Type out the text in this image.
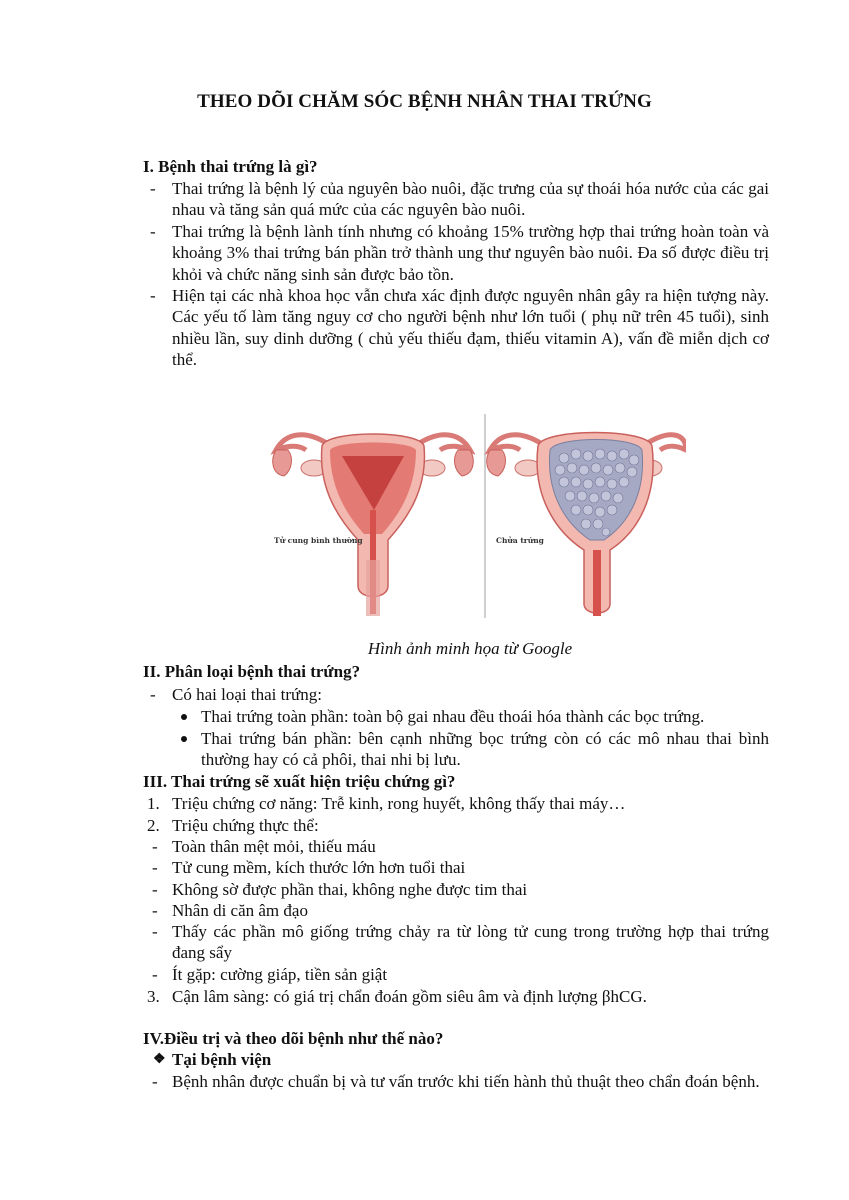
THEO DÕI CHĂM SÓC BỆNH NHÂN THAI TRỨNG
I. Bệnh thai trứng là gì?
- Thai trứng là bệnh lý của nguyên bào nuôi, đặc trưng của sự thoái hóa nước của các gai nhau và tăng sản quá mức của các nguyên bào nuôi.
- Thai trứng là bệnh lành tính nhưng có khoảng 15% trường hợp thai trứng hoàn toàn và khoảng 3% thai trứng bán phần trở thành ung thư nguyên bào nuôi. Đa số được điều trị khỏi và chức năng sinh sản được bảo tồn.
- Hiện tại các nhà khoa học vẫn chưa xác định được nguyên nhân gây ra hiện tượng này. Các yếu tố làm tăng nguy cơ cho người bệnh như lớn tuổi ( phụ nữ trên 45 tuổi), sinh nhiều lần, suy dinh dưỡng ( chủ yếu thiếu đạm, thiếu vitamin A), vấn đề miễn dịch cơ thể.
Tử cung bình thường	Chửa trứng
Hình ảnh minh họa từ Google
II. Phân loại bệnh thai trứng?
- Có hai loại thai trứng:
Thai trứng toàn phần: toàn bộ gai nhau đều thoái hóa thành các bọc trứng.
Thai trứng bán phần: bên cạnh những bọc trứng còn có các mô nhau thai bình thường hay có cả phôi, thai nhi bị lưu.
III. Thai trứng sẽ xuất hiện triệu chứng gì?
1. Triệu chứng cơ năng: Trễ kinh, rong huyết, không thấy thai máy…
2. Triệu chứng thực thể:
- Toàn thân mệt mỏi, thiếu máu
- Tử cung mềm, kích thước lớn hơn tuổi thai
- Không sờ được phần thai, không nghe được tim thai
- Nhân di căn âm đạo
- Thấy các phần mô giống trứng chảy ra từ lòng tử cung trong trường hợp thai trứng đang sẩy
- Ít gặp: cường giáp, tiền sản giật
3. Cận lâm sàng: có giá trị chẩn đoán gồm siêu âm và định lượng βhCG.
IV.Điều trị và theo dõi bệnh như thế nào?
❖ Tại bệnh viện
- Bệnh nhân được chuẩn bị và tư vấn trước khi tiến hành thủ thuật theo chẩn đoán bệnh.
